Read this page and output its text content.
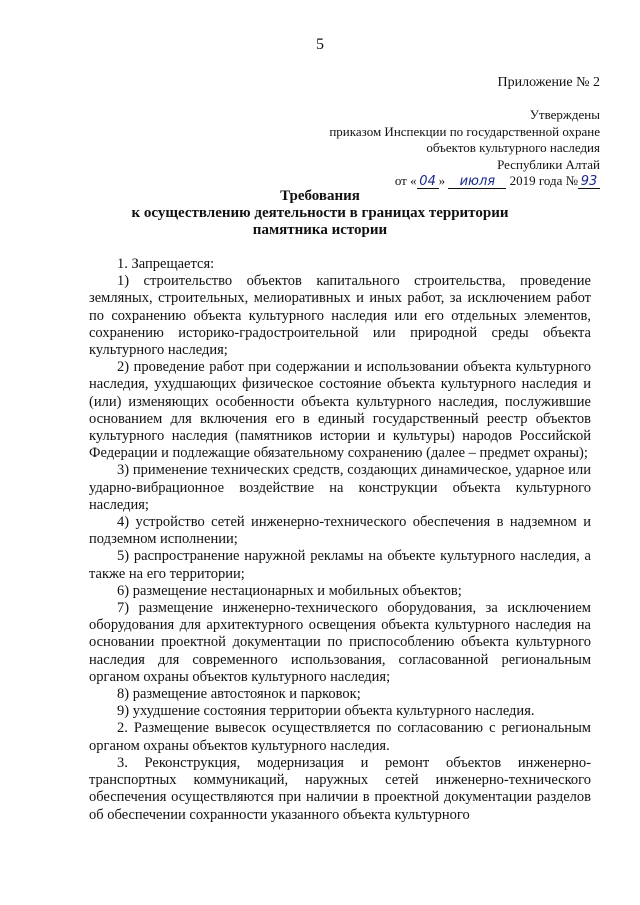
5
Приложение № 2
Утверждены
приказом Инспекции по государственной охране
объектов культурного наследия
Республики Алтай
от « 04 » июля 2019 года № 93
Требования
к осуществлению деятельности в границах территории
памятника истории

1. Запрещается:

1) строительство объектов капитального строительства, проведение земляных, строительных, мелиоративных и иных работ, за исключением работ по сохранению объекта культурного наследия или его отдельных элементов, сохранению историко-градостроительной или природной среды объекта культурного наследия;

2) проведение работ при содержании и использовании объекта культурного наследия, ухудшающих физическое состояние объекта культурного наследия и (или) изменяющих особенности объекта культурного наследия, послужившие основанием для включения его в единый государственный реестр объектов культурного наследия (памятников истории и культуры) народов Российской Федерации и подлежащие обязательному сохранению (далее – предмет охраны);

3) применение технических средств, создающих динамическое, ударное или ударно-вибрационное воздействие на конструкции объекта культурного наследия;

4) устройство сетей инженерно-технического обеспечения в надземном и подземном исполнении;

5) распространение наружной рекламы на объекте культурного наследия, а также на его территории;

6) размещение нестационарных и мобильных объектов;

7) размещение инженерно-технического оборудования, за исключением оборудования для архитектурного освещения объекта культурного наследия на основании проектной документации по приспособлению объекта культурного наследия для современного использования, согласованной региональным органом охраны объектов культурного наследия;

8) размещение автостоянок и парковок;

9) ухудшение состояния территории объекта культурного наследия.

2. Размещение вывесок осуществляется по согласованию с региональным органом охраны объектов культурного наследия.

3. Реконструкция, модернизация и ремонт объектов инженерно-транспортных коммуникаций, наружных сетей инженерно-технического обеспечения осуществляются при наличии в проектной документации разделов об обеспечении сохранности указанного объекта культурного
